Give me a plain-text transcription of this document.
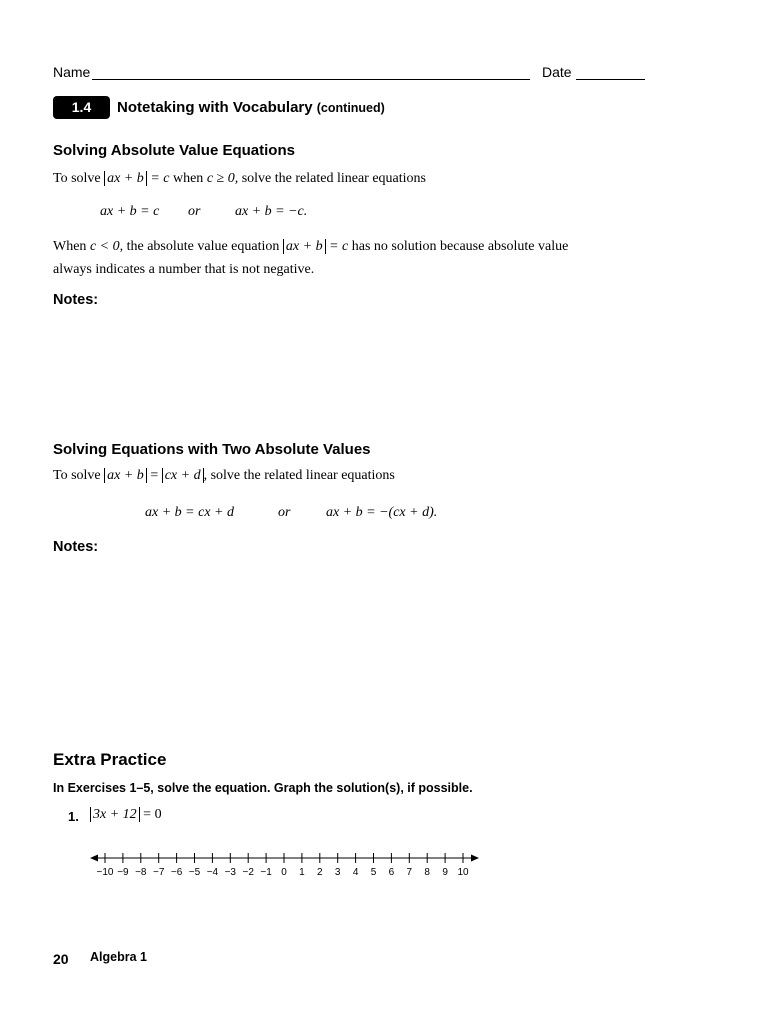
Name	Date
1.4	Notetaking with Vocabulary (continued)
Solving Absolute Value Equations
To solve ax + b = c when c ≥ 0, solve the related linear equations
ax + b = c or ax + b = −c.
When c < 0, the absolute value equation ax + b = c has no solution because absolute value
always indicates a number that is not negative.
Notes:
Solving Equations with Two Absolute Values
To solve ax + b = cx + d , solve the related linear equations
ax + b = cx + d	or	ax + b = −(cx + d).
Notes:
Extra Practice
In Exercises 1–5, solve the equation. Graph the solution(s), if possible.
1. 3x + 12 = 0
−10 −9 −8 −7 −6 −5 −4 −3 −2 −1 0 1 2 3 4 5 6 7 8 9 10
20 Algebra 1
